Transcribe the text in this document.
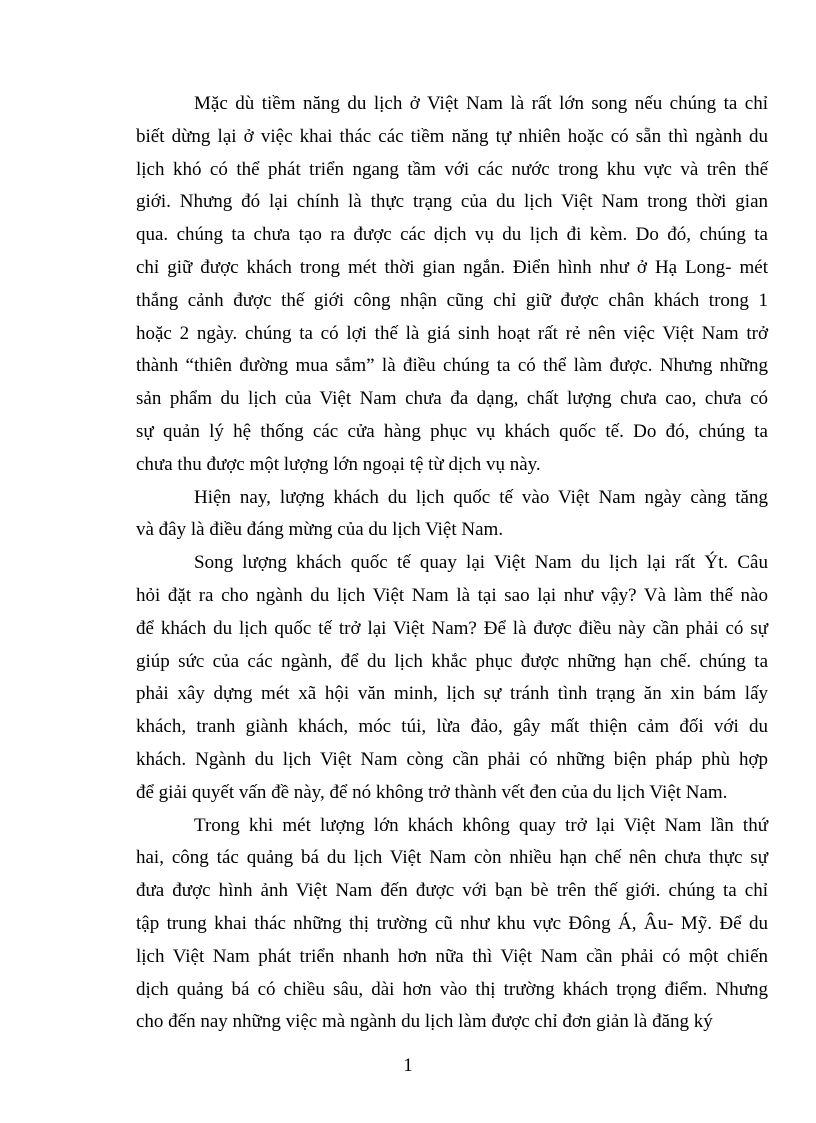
Mặc dù tiềm năng du lịch ở Việt Nam là rất lớn song nếu chúng ta chỉ
biết dừng lại ở việc khai thác các tiềm năng tự nhiên hoặc có sẵn thì ngành du
lịch khó có thể phát triển ngang tầm với các nước trong khu vực và trên thế
giới. Nhưng đó lại chính là thực trạng của du lịch Việt Nam trong thời gian
qua. chúng ta chưa tạo ra được các dịch vụ du lịch đi kèm. Do đó, chúng ta
chỉ giữ được khách trong mét thời gian ngắn. Điển hình như ở Hạ Long- mét
thắng cảnh được thế giới công nhận cũng chỉ giữ được chân khách trong 1
hoặc 2 ngày. chúng ta có lợi thế là giá sinh hoạt rất rẻ nên việc Việt Nam trở
thành “thiên đường mua sắm” là điều chúng ta có thể làm được. Nhưng những
sản phẩm du lịch của Việt Nam chưa đa dạng, chất lượng chưa cao, chưa có
sự quản lý hệ thống các cửa hàng phục vụ khách quốc tế. Do đó, chúng ta
chưa thu được một lượng lớn ngoại tệ từ dịch vụ này.
Hiện nay, lượng khách du lịch quốc tế vào Việt Nam ngày càng tăng
và đây là điều đáng mừng của du lịch Việt Nam.
Song lượng khách quốc tế quay lại Việt Nam du lịch lại rất Ýt. Câu
hỏi đặt ra cho ngành du lịch Việt Nam là tại sao lại như vậy? Và làm thế nào
để khách du lịch quốc tế trở lại Việt Nam? Để là được điều này cần phải có sự
giúp sức của các ngành, để du lịch khắc phục được những hạn chế. chúng ta
phải xây dựng mét xã hội văn minh, lịch sự tránh tình trạng ăn xin bám lấy
khách, tranh giành khách, móc túi, lừa đảo, gây mất thiện cảm đối với du
khách. Ngành du lịch Việt Nam còng cần phải có những biện pháp phù hợp
để giải quyết vấn đề này, để nó không trở thành vết đen của du lịch Việt Nam.
Trong khi mét lượng lớn khách không quay trở lại Việt Nam lần thứ
hai, công tác quảng bá du lịch Việt Nam còn nhiều hạn chế nên chưa thực sự
đưa được hình ảnh Việt Nam đến được với bạn bè trên thế giới. chúng ta chỉ
tập trung khai thác những thị trường cũ như khu vực Đông Á, Âu- Mỹ. Để du
lịch Việt Nam phát triển nhanh hơn nữa thì Việt Nam cần phải có một chiến
dịch quảng bá có chiều sâu, dài hơn vào thị trường khách trọng điểm. Nhưng
cho đến nay những việc mà ngành du lịch làm được chỉ đơn giản là đăng ký
1
